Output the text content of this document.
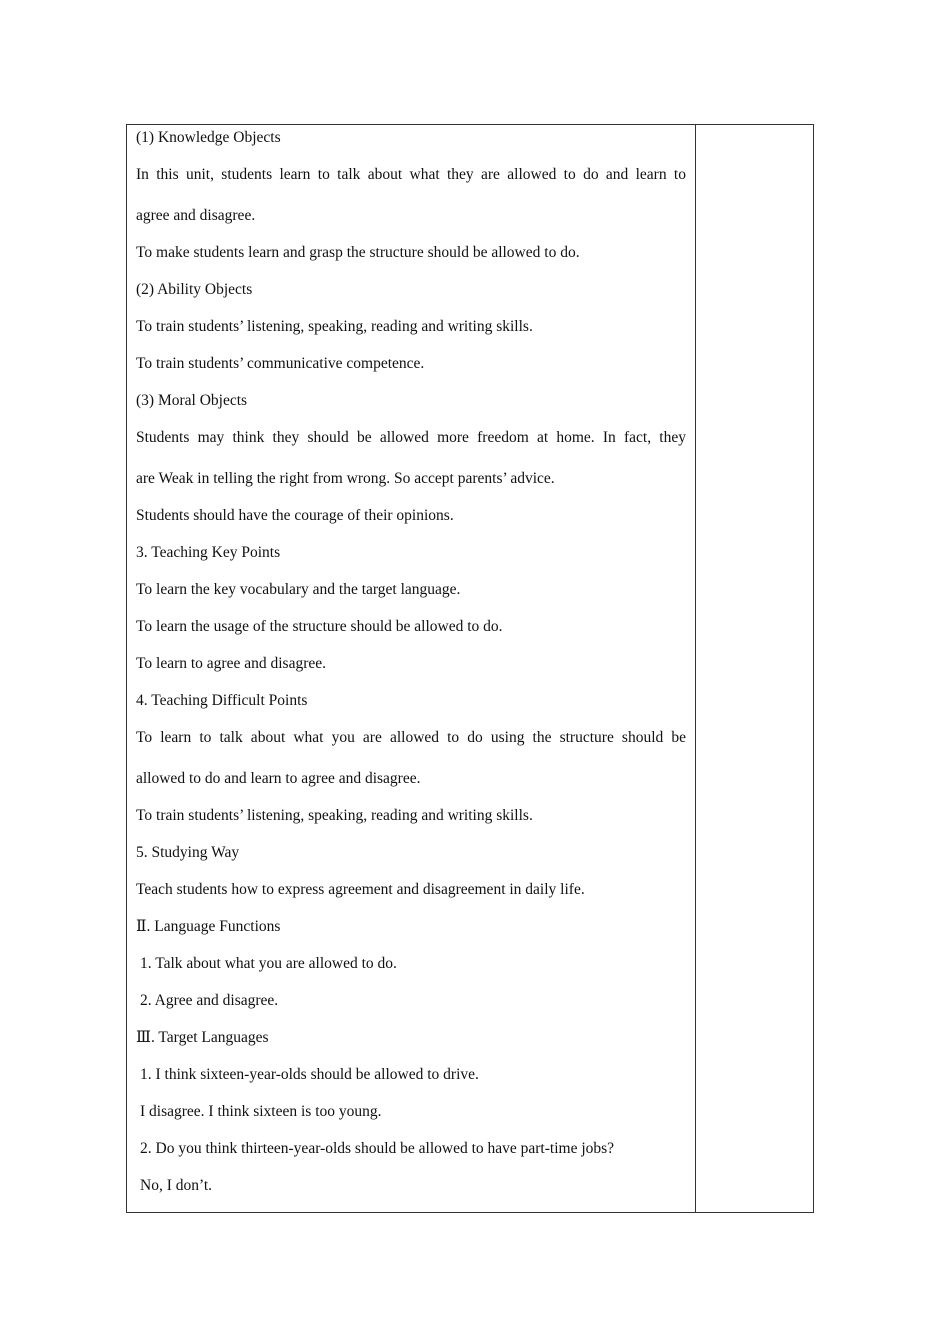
(1) Knowledge Objects
In this unit, students learn to talk about what they are allowed to do and learn to
agree and disagree.
To make students learn and grasp the structure should be allowed to do.
(2) Ability Objects
To train students’ listening, speaking, reading and writing skills.
To train students’ communicative competence.
(3) Moral Objects
Students may think they should be allowed more freedom at home. In fact, they
are Weak in telling the right from wrong. So accept parents’ advice.
Students should have the courage of their opinions.
3. Teaching Key Points
To learn the key vocabulary and the target language.
To learn the usage of the structure should be allowed to do.
To learn to agree and disagree.
4. Teaching Difficult Points
To learn to talk about what you are allowed to do using the structure should be
allowed to do and learn to agree and disagree.
To train students’ listening, speaking, reading and writing skills.
5. Studying Way
Teach students how to express agreement and disagreement in daily life.
Ⅱ. Language Functions
1. Talk about what you are allowed to do.
2. Agree and disagree.
Ⅲ. Target Languages
1. I think sixteen-year-olds should be allowed to drive.
I disagree. I think sixteen is too young.
2. Do you think thirteen-year-olds should be allowed to have part-time jobs?
No, I don’t.
